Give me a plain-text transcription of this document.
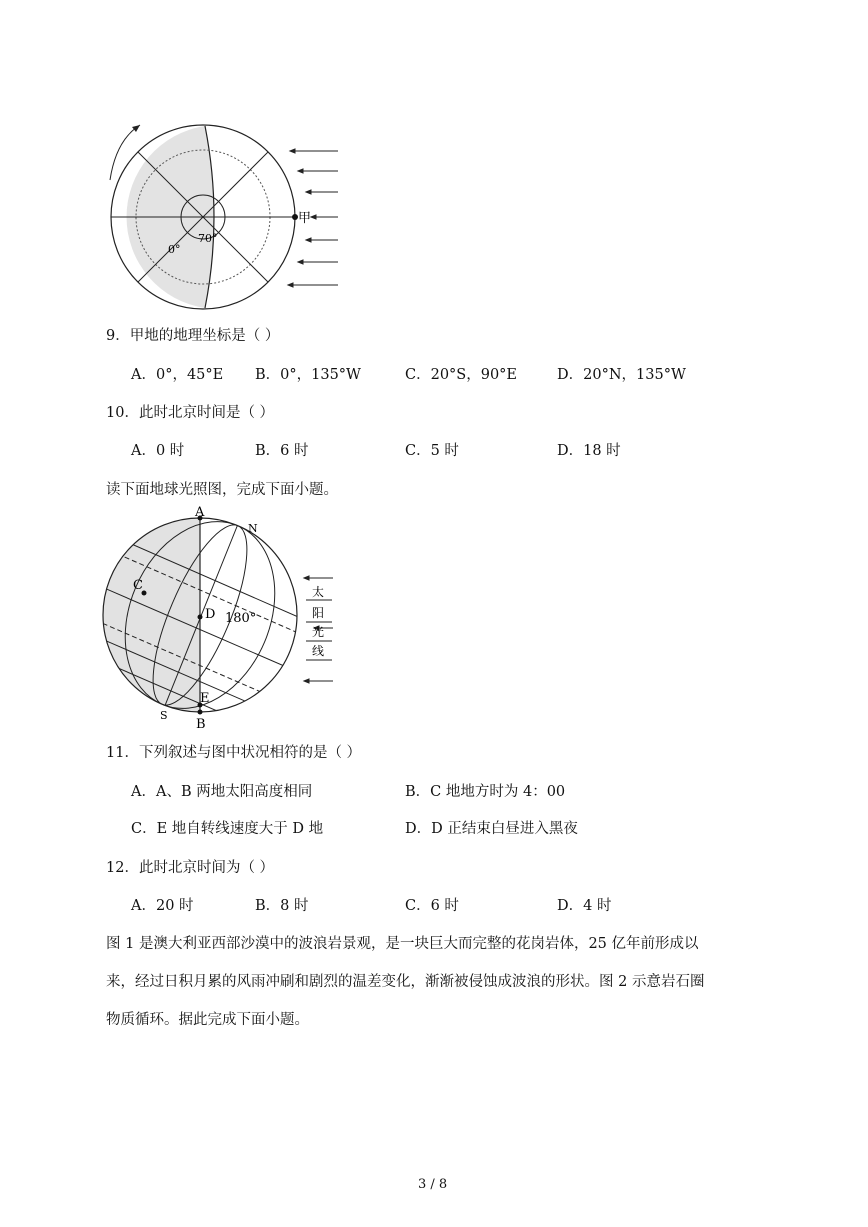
甲
70°
0°
9．甲地的地理坐标是（ ）
A．0°，45°E B．0°，135°W	C．20°S，90°E	D．20°N，135°W
10．此时北京时间是（ ）
A．0 时	B．6 时	C．5 时	D．18 时
读下面地球光照图，完成下面小题。
A
N
C
D 180°
E
S
B
太
阳
光
线
11．下列叙述与图中状况相符的是（ ）
A．A、B 两地太阳高度相同	B．C 地地方时为 4：00
C．E 地自转线速度大于 D 地	D．D 正结束白昼进入黑夜
12．此时北京时间为（ ）
A．20 时	B．8 时	C．6 时	D．4 时
图 1 是澳大利亚西部沙漠中的波浪岩景观，是一块巨大而完整的花岗岩体，25 亿年前形成以
来，经过日积月累的风雨冲刷和剧烈的温差变化，渐渐被侵蚀成波浪的形状。图 2 示意岩石圈
物质循环。据此完成下面小题。
3 / 8
